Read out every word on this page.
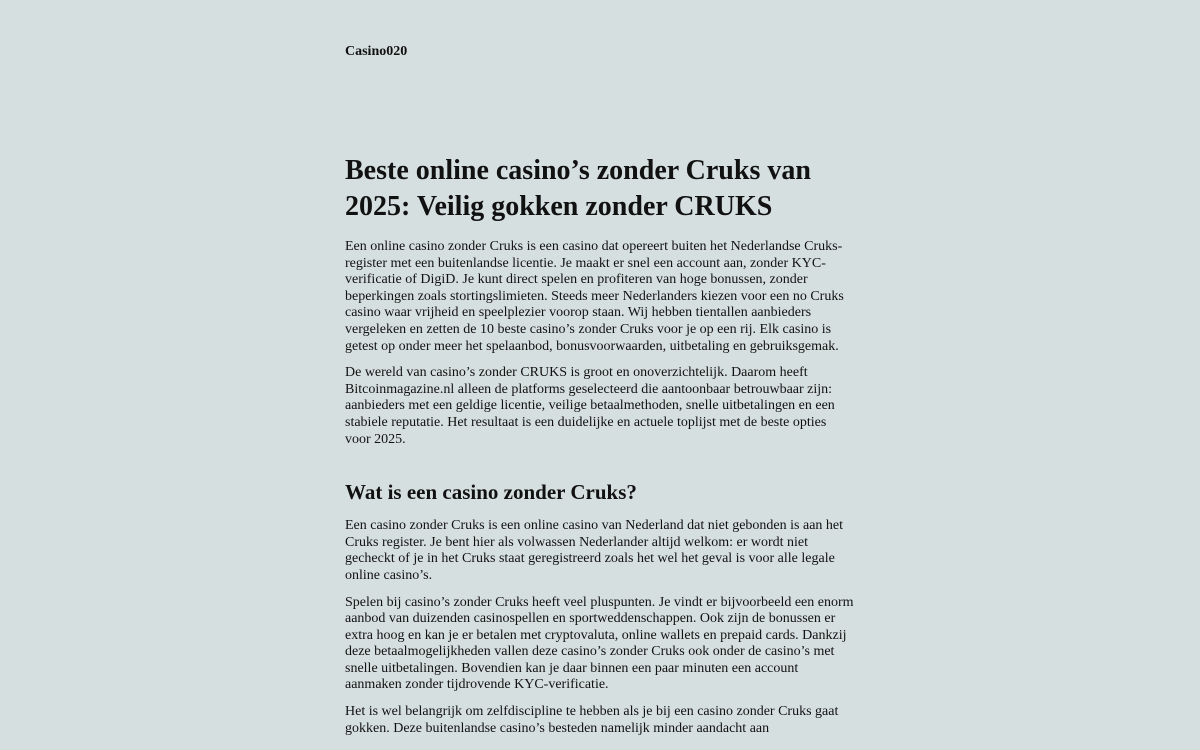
Casino020
Beste online casino’s zonder Cruks van 2025: Veilig gokken zonder CRUKS

Een online casino zonder Cruks is een casino dat opereert buiten het Nederlandse Cruks-register met een buitenlandse licentie. Je maakt er snel een account aan, zonder KYC-verificatie of DigiD. Je kunt direct spelen en profiteren van hoge bonussen, zonder beperkingen zoals stortingslimieten. Steeds meer Nederlanders kiezen voor een no Cruks casino waar vrijheid en speelplezier voorop staan. Wij hebben tientallen aanbieders vergeleken en zetten de 10 beste casino’s zonder Cruks voor je op een rij. Elk casino is getest op onder meer het spelaanbod, bonusvoorwaarden, uitbetaling en gebruiksgemak.

De wereld van casino’s zonder CRUKS is groot en onoverzichtelijk. Daarom heeft Bitcoinmagazine.nl alleen de platforms geselecteerd die aantoonbaar betrouwbaar zijn: aanbieders met een geldige licentie, veilige betaalmethoden, snelle uitbetalingen en een stabiele reputatie. Het resultaat is een duidelijke en actuele toplijst met de beste opties voor 2025.

Wat is een casino zonder Cruks?

Een casino zonder Cruks is een online casino van Nederland dat niet gebonden is aan het Cruks register. Je bent hier als volwassen Nederlander altijd welkom: er wordt niet gecheckt of je in het Cruks staat geregistreerd zoals het wel het geval is voor alle legale online casino’s.

Spelen bij casino’s zonder Cruks heeft veel pluspunten. Je vindt er bijvoorbeeld een enorm aanbod van duizenden casinospellen en sportweddenschappen. Ook zijn de bonussen er extra hoog en kan je er betalen met cryptovaluta, online wallets en prepaid cards. Dankzij deze betaalmogelijkheden vallen deze casino’s zonder Cruks ook onder de casino’s met snelle uitbetalingen. Bovendien kan je daar binnen een paar minuten een account aanmaken zonder tijdrovende KYC-verificatie.

Het is wel belangrijk om zelfdiscipline te hebben als je bij een casino zonder Cruks gaat gokken. Deze buitenlandse casino’s besteden namelijk minder aandacht aan
